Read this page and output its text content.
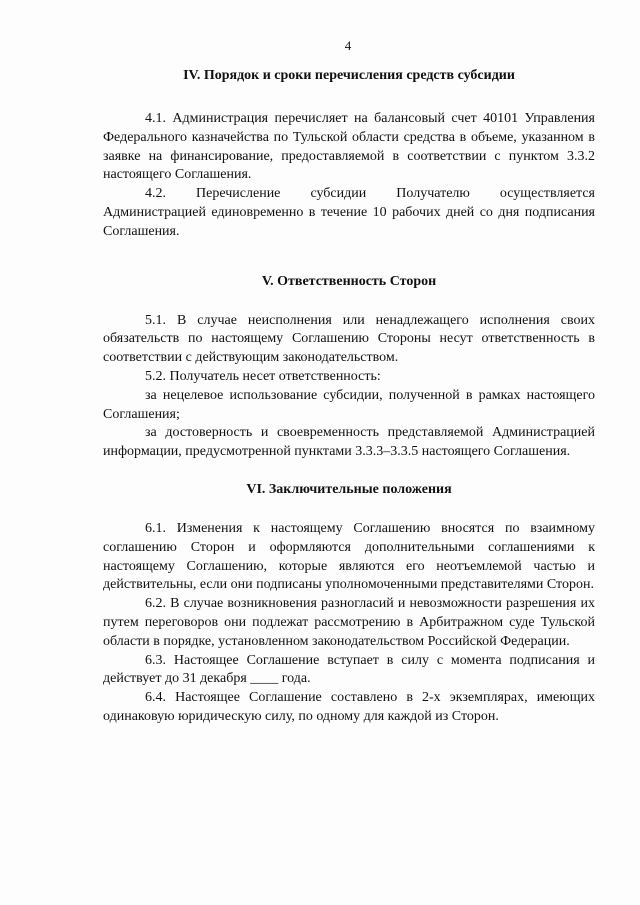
4
IV. Порядок и сроки перечисления средств субсидии

4.1. Администрация перечисляет на балансовый счет 40101 Управления Федерального казначейства по Тульской области средства в объеме, указанном в заявке на финансирование, предоставляемой в соответствии с пунктом 3.3.2 настоящего Соглашения.

4.2. Перечисление субсидии Получателю осуществляется Администрацией единовременно в течение 10 рабочих дней со дня подписания Соглашения.

V. Ответственность Сторон

5.1. В случае неисполнения или ненадлежащего исполнения своих обязательств по настоящему Соглашению Стороны несут ответственность в соответствии с действующим законодательством.

5.2. Получатель несет ответственность:

за нецелевое использование субсидии, полученной в рамках настоящего Соглашения;

за достоверность и своевременность представляемой Администрацией информации, предусмотренной пунктами 3.3.3–3.3.5 настоящего Соглашения.

VI. Заключительные положения

6.1. Изменения к настоящему Соглашению вносятся по взаимному соглашению Сторон и оформляются дополнительными соглашениями к настоящему Соглашению, которые являются его неотъемлемой частью и действительны, если они подписаны уполномоченными представителями Сторон.

6.2. В случае возникновения разногласий и невозможности разрешения их путем переговоров они подлежат рассмотрению в Арбитражном суде Тульской области в порядке, установленном законодательством Российской Федерации.

6.3. Настоящее Соглашение вступает в силу с момента подписания и действует до 31 декабря ____ года.

6.4. Настоящее Соглашение составлено в 2-х экземплярах, имеющих одинаковую юридическую силу, по одному для каждой из Сторон.
